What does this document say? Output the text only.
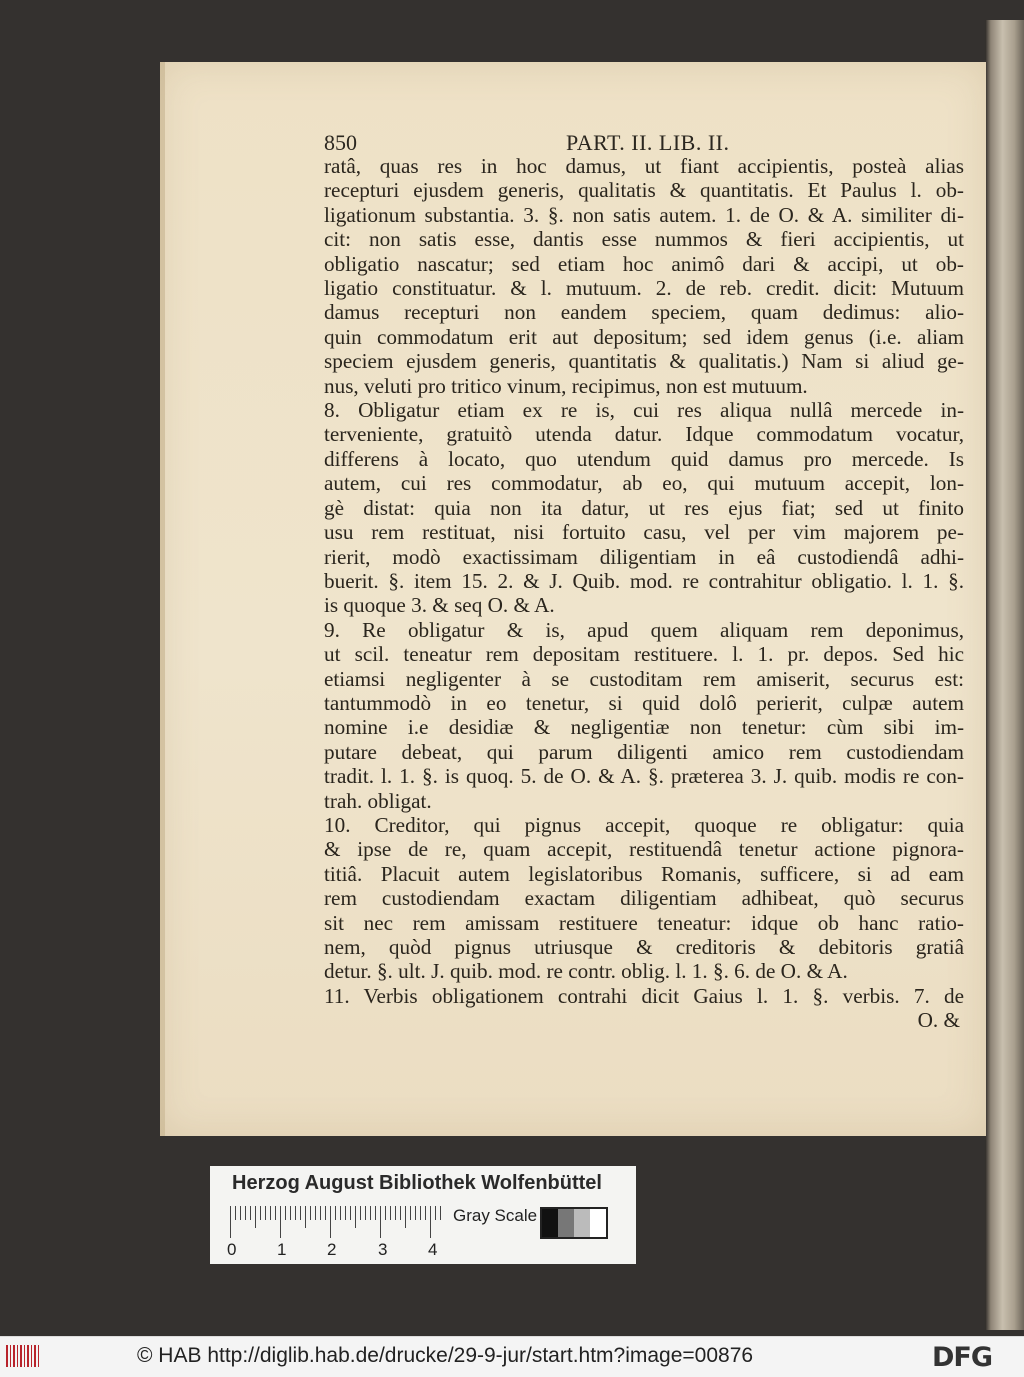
850	PART. II. LIB. II.
ratâ, quas res in hoc damus, ut fiant accipientis, posteà alias
recepturi ejusdem generis, qualitatis & quantitatis. Et Paulus l. ob-
ligationum substantia. 3. §. non satis autem. 1. de O. & A. similiter di-
cit: non satis esse, dantis esse nummos & fieri accipientis, ut
obligatio nascatur; sed etiam hoc animô dari & accipi, ut ob-
ligatio constituatur. & l. mutuum. 2. de reb. credit. dicit: Mutuum
damus recepturi non eandem speciem, quam dedimus: alio-
quin commodatum erit aut depositum; sed idem genus (i.e. aliam
speciem ejusdem generis, quantitatis & qualitatis.) Nam si aliud ge-
nus, veluti pro tritico vinum, recipimus, non est mutuum.
8. Obligatur etiam ex re is, cui res aliqua nullâ mercede in-
terveniente, gratuitò utenda datur. Idque commodatum vocatur,
differens à locato, quo utendum quid damus pro mercede. Is
autem, cui res commodatur, ab eo, qui mutuum accepit, lon-
gè distat: quia non ita datur, ut res ejus fiat; sed ut finito
usu rem restituat, nisi fortuito casu, vel per vim majorem pe-
rierit, modò exactissimam diligentiam in eâ custodiendâ adhi-
buerit. §. item 15. 2. & J. Quib. mod. re contrahitur obligatio. l. 1. §.
is quoque 3. & seq O. & A.
9. Re obligatur & is, apud quem aliquam rem deponimus,
ut scil. teneatur rem depositam restituere. l. 1. pr. depos. Sed hic
etiamsi negligenter à se custoditam rem amiserit, securus est:
tantummodò in eo tenetur, si quid dolô perierit, culpæ autem
nomine i.e desidiæ & negligentiæ non tenetur: cùm sibi im-
putare debeat, qui parum diligenti amico rem custodiendam
tradit. l. 1. §. is quoq. 5. de O. & A. §. præterea 3. J. quib. modis re con-
trah. obligat.
10. Creditor, qui pignus accepit, quoque re obligatur: quia
& ipse de re, quam accepit, restituendâ tenetur actione pignora-
titiâ. Placuit autem legislatoribus Romanis, sufficere, si ad eam
rem custodiendam exactam diligentiam adhibeat, quò securus
sit nec rem amissam restituere teneatur: idque ob hanc ratio-
nem, quòd pignus utriusque & creditoris & debitoris gratiâ
detur. §. ult. J. quib. mod. re contr. oblig. l. 1. §. 6. de O. & A.
11. Verbis obligationem contrahi dicit Gaius l. 1. §. verbis. 7. de
O. &
Herzog August Bibliothek Wolfenbüttel
0 1 2 3 4
Gray Scale
© HAB http://diglib.hab.de/drucke/29-9-jur/start.htm?image=00876	DFG
